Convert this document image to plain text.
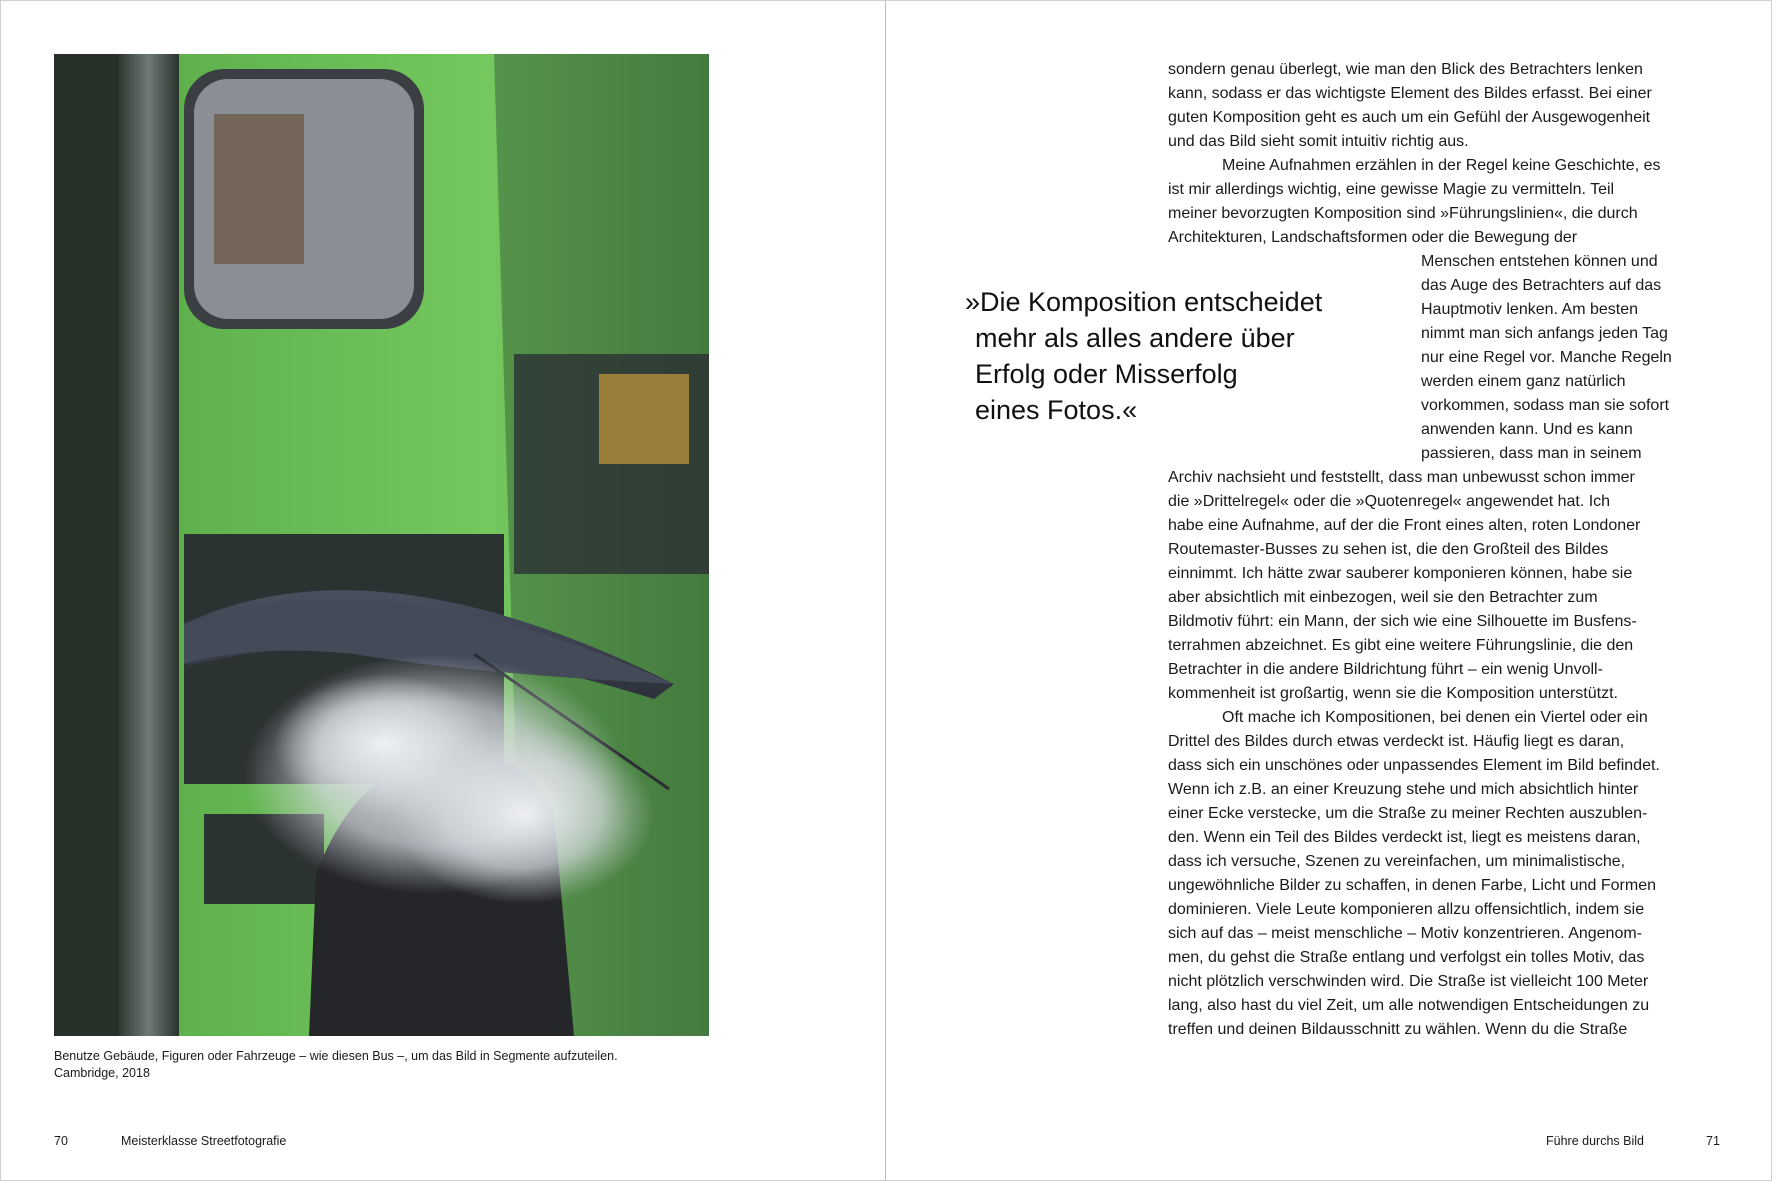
Benutze Gebäude, Figuren oder Fahrzeuge – wie diesen Bus –, um das Bild in Segmente aufzuteilen.
Cambridge, 2018
70	Meisterklasse Streetfotografie	Führe durchs Bild	71
sondern genau überlegt, wie man den Blick des Betrachters lenken
kann, sodass er das wichtigste Element des Bildes erfasst. Bei einer
guten Komposition geht es auch um ein Gefühl der Ausgewogenheit
und das Bild sieht somit intuitiv richtig aus.
Meine Aufnahmen erzählen in der Regel keine Geschichte, es
ist mir allerdings wichtig, eine gewisse Magie zu vermitteln. Teil
meiner bevorzugten Komposition sind »Führungslinien«, die durch
Architekturen, Landschaftsformen oder die Bewegung der
Menschen entstehen können und
das Auge des Betrachters auf das
Hauptmotiv lenken. Am besten
nimmt man sich anfangs jeden Tag
nur eine Regel vor. Manche Regeln
werden einem ganz natürlich
vorkommen, sodass man sie sofort
anwenden kann. Und es kann
passieren, dass man in seinem
»Die Komposition entscheidet
mehr als alles andere über
Erfolg oder Misserfolg
eines Fotos.«
Archiv nachsieht und feststellt, dass man unbewusst schon immer
die »Drittelregel« oder die »Quotenregel« angewendet hat. Ich
habe eine Aufnahme, auf der die Front eines alten, roten Londoner
Routemaster-Busses zu sehen ist, die den Großteil des Bildes
einnimmt. Ich hätte zwar sauberer komponieren können, habe sie
aber absichtlich mit einbezogen, weil sie den Betrachter zum
Bildmotiv führt: ein Mann, der sich wie eine Silhouette im Busfens-
terrahmen abzeichnet. Es gibt eine weitere Führungslinie, die den
Betrachter in die andere Bildrichtung führt – ein wenig Unvoll-
kommenheit ist großartig, wenn sie die Komposition unterstützt.
Oft mache ich Kompositionen, bei denen ein Viertel oder ein
Drittel des Bildes durch etwas verdeckt ist. Häufig liegt es daran,
dass sich ein unschönes oder unpassendes Element im Bild befindet.
Wenn ich z.B. an einer Kreuzung stehe und mich absichtlich hinter
einer Ecke verstecke, um die Straße zu meiner Rechten auszublen-
den. Wenn ein Teil des Bildes verdeckt ist, liegt es meistens daran,
dass ich versuche, Szenen zu vereinfachen, um minimalistische,
ungewöhnliche Bilder zu schaffen, in denen Farbe, Licht und Formen
dominieren. Viele Leute komponieren allzu offensichtlich, indem sie
sich auf das – meist menschliche – Motiv konzentrieren. Angenom-
men, du gehst die Straße entlang und verfolgst ein tolles Motiv, das
nicht plötzlich verschwinden wird. Die Straße ist vielleicht 100 Meter
lang, also hast du viel Zeit, um alle notwendigen Entscheidungen zu
treffen und deinen Bildausschnitt zu wählen. Wenn du die Straße
